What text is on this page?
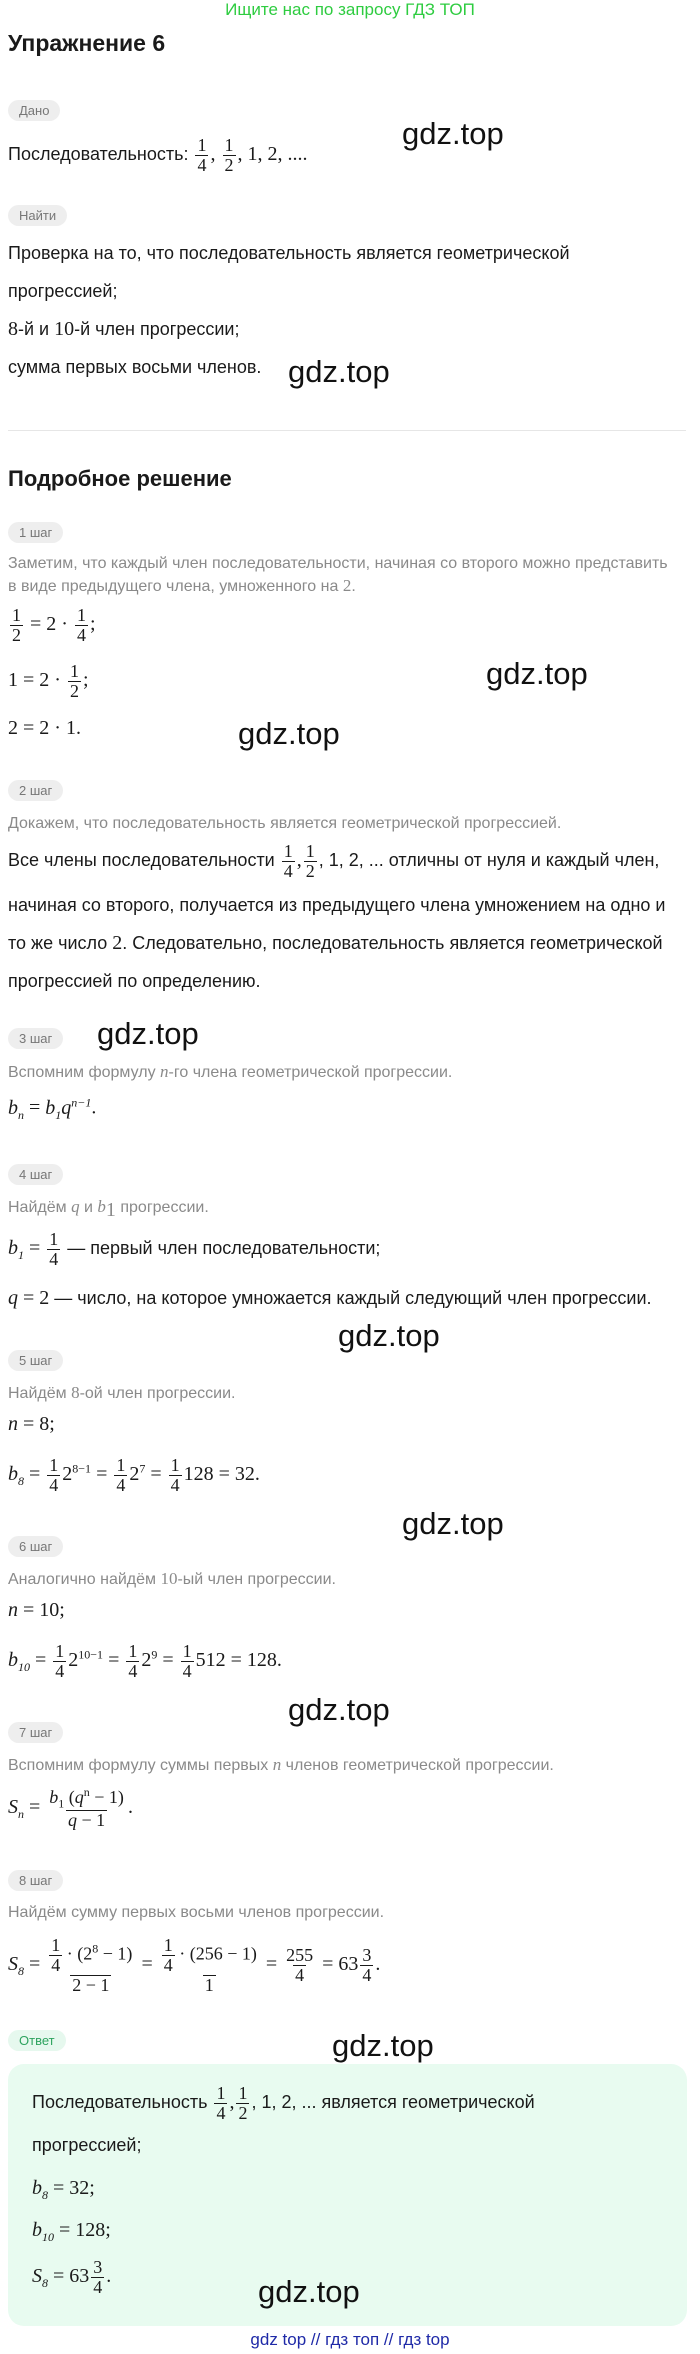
Ищите нас по запросу ГДЗ ТОП
Упражнение 6
Дано
Последовательность: $\frac{1}{4}$ , $\frac{1}{2}$ , 1, 2, ....
gdz.top
Найти
Проверка на то, что последовательность является геометрической
прогрессией;
8-й и 10-й член прогрессии;
сумма первых восьми членов. gdz.top
Подробное решение
1 шаг
Заметим, что каждый член последовательности, начиная со второго можно представить
в виде предыдущего члена, умноженного на 2.
$\frac{1}{2} = 2 \cdot \frac{1}{4}$ ;
$1 = 2 \cdot \frac{1}{2}$ ;
2 = 2 · 1.
gdz.top
gdz.top
2 шаг
Докажем, что последовательность является геометрической прогрессией.
Все члены последовательности $\frac{1}{4}$ , $\frac{1}{2}$ , 1, 2, ... отличны от нуля и каждый член,
начиная со второго, получается из предыдущего члена умножением на одно и
то же число 2. Следовательно, последовательность является геометрической
прогрессией по определению.
3 шаг	gdz.top
Вспомним формулу n-го члена геометрической прогрессии.
$b_n = b_1q^{n-1}$.
4 шаг
Найдём q и $b_1$ прогрессии.
$b_1 = \frac{1}{4}$ — первый член последовательности;
q = 2 — число, на которое умножается каждый следующий член прогрессии.
gdz.top
5 шаг
Найдём 8-ой член прогрессии.
n = 8;
$b_8 = \frac{1}{4} 2^{8-1} = \frac{1}{4} 2^7 = \frac{1}{4} 128 = 32$.
gdz.top
6 шаг
Аналогично найдём 10-ый член прогрессии.
n = 10;
$b_{10} = \frac{1}{4} 2^{10-1} = \frac{1}{4} 2^9 = \frac{1}{4} 512 = 128$.
gdz.top
7 шаг
Вспомним формулу суммы первых n членов геометрической прогрессии.
$S_n = \frac{b_1 (q^n - 1)}{q - 1}$ .
8 шаг
Найдём сумму первых восьми членов прогрессии.
$S_8 = \frac{\frac{1}{4} \cdot (2^8 - 1)}{2 - 1} = \frac{\frac{1}{4} \cdot (256 - 1)}{1} = \frac{255}{4} = 63 \frac{3}{4}$ .
Ответ	gdz.top
Последовательность $\frac{1}{4}$ , $\frac{1}{2}$ , 1, 2, ... является геометрической
прогрессией;
$b_8 = 32$;
$b_{10} = 128$;
$S_8 = 63 \frac{3}{4}$ .	gdz.top
gdz top // гдз топ // гдз top
